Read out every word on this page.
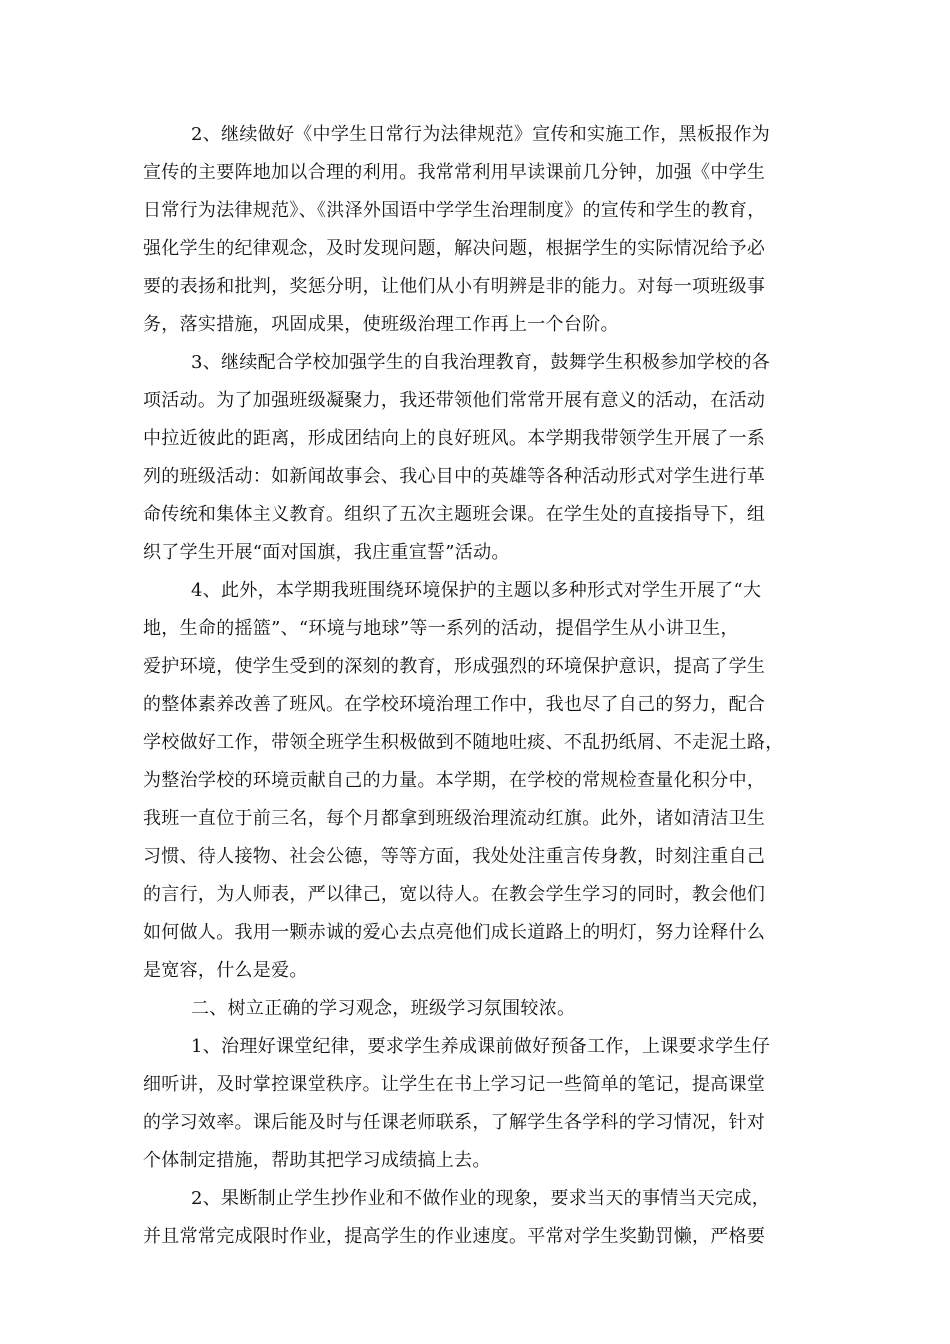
2、继续做好《中学生日常行为法律规范》宣传和实施工作，黑板报作为
宣传的主要阵地加以合理的利用。我常常利用早读课前几分钟，加强《中学生
日常行为法律规范》、《洪泽外国语中学学生治理制度》的宣传和学生的教育，
强化学生的纪律观念，及时发现问题，解决问题，根据学生的实际情况给予必
要的表扬和批判，奖惩分明，让他们从小有明辨是非的能力。对每一项班级事
务，落实措施，巩固成果，使班级治理工作再上一个台阶。
3、继续配合学校加强学生的自我治理教育，鼓舞学生积极参加学校的各
项活动。为了加强班级凝聚力，我还带领他们常常开展有意义的活动，在活动
中拉近彼此的距离，形成团结向上的良好班风。本学期我带领学生开展了一系
列的班级活动：如新闻故事会、我心目中的英雄等各种活动形式对学生进行革
命传统和集体主义教育。组织了五次主题班会课。在学生处的直接指导下，组
织了学生开展“面对国旗，我庄重宣誓”活动。
4、此外，本学期我班围绕环境保护的主题以多种形式对学生开展了“大
地，生命的摇篮”、“环境与地球”等一系列的活动，提倡学生从小讲卫生，
爱护环境，使学生受到的深刻的教育，形成强烈的环境保护意识，提高了学生
的整体素养改善了班风。在学校环境治理工作中，我也尽了自己的努力，配合
学校做好工作，带领全班学生积极做到不随地吐痰、不乱扔纸屑、不走泥土路，
为整治学校的环境贡献自己的力量。本学期，在学校的常规检查量化积分中，
我班一直位于前三名，每个月都拿到班级治理流动红旗。此外，诸如清洁卫生
习惯、待人接物、社会公德，等等方面，我处处注重言传身教，时刻注重自己
的言行，为人师表，严以律己，宽以待人。在教会学生学习的同时，教会他们
如何做人。我用一颗赤诚的爱心去点亮他们成长道路上的明灯，努力诠释什么
是宽容，什么是爱。
二、树立正确的学习观念，班级学习氛围较浓。
1、治理好课堂纪律，要求学生养成课前做好预备工作，上课要求学生仔
细听讲，及时掌控课堂秩序。让学生在书上学习记一些简单的笔记，提高课堂
的学习效率。课后能及时与任课老师联系，了解学生各学科的学习情况，针对
个体制定措施，帮助其把学习成绩搞上去。
2、果断制止学生抄作业和不做作业的现象，要求当天的事情当天完成，
并且常常完成限时作业，提高学生的作业速度。平常对学生奖勤罚懒，严格要
